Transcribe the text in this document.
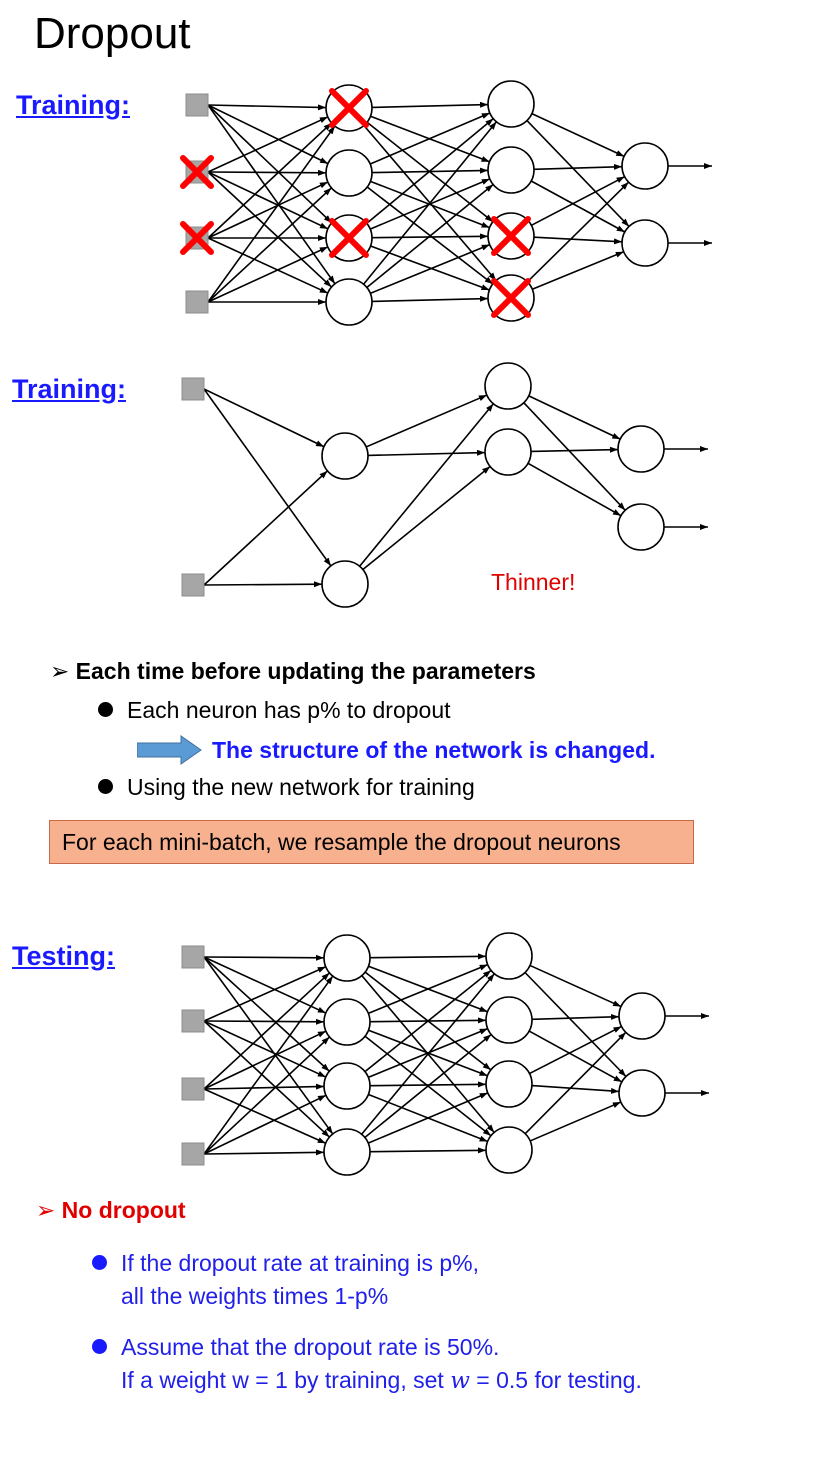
Dropout
Training:
Training:
Thinner!
➢ Each time before updating the parameters
Each neuron has p% to dropout
The structure of the network is changed.
Using the new network for training
For each mini-batch, we resample the dropout neurons
Testing:
➢ No dropout
If the dropout rate at training is p%,
all the weights times 1-p%
Assume that the dropout rate is 50%.
If a weight w = 1 by training, set w = 0.5 for testing.
